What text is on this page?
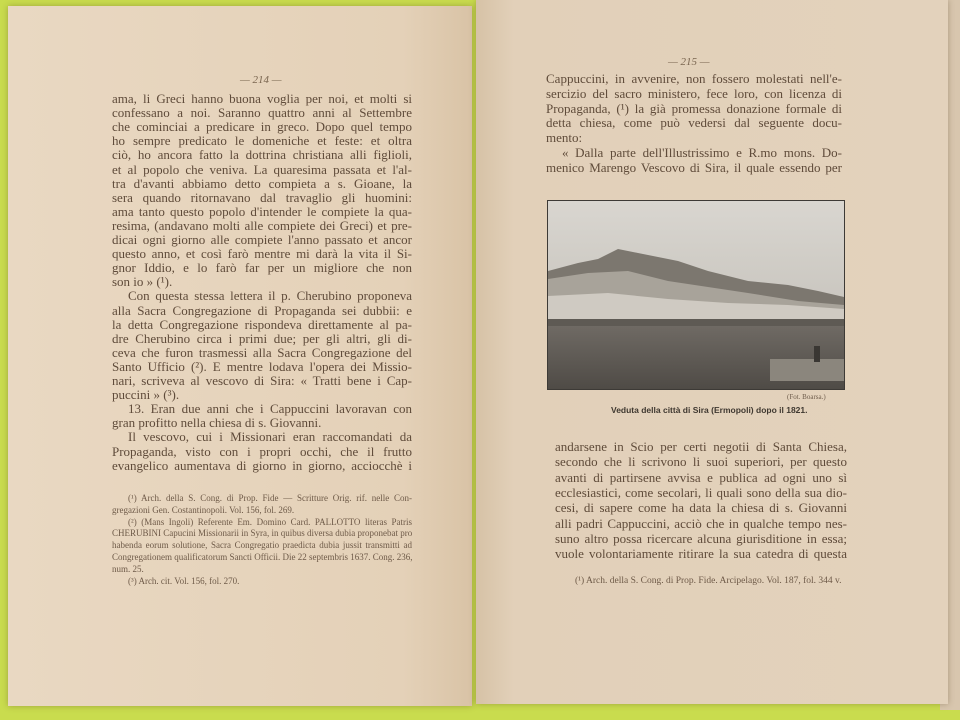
— 214 —
ama, li Greci hanno buona voglia per noi, et molti si
confessano a noi. Saranno quattro anni al Settembre
che cominciai a predicare in greco. Dopo quel tempo
ho sempre predicato le domeniche et feste: et oltra
ciò, ho ancora fatto la dottrina christiana alli figlioli,
et al popolo che veniva. La quaresima passata et l'al-
tra d'avanti abbiamo detto compieta a s. Gioane, la
sera quando ritornavano dal travaglio gli huomini:
ama tanto questo popolo d'intender le compiete la qua-
resima, (andavano molti alle compiete dei Greci) et pre-
dicai ogni giorno alle compiete l'anno passato et ancor
questo anno, et così farò mentre mi darà la vita il Si-
gnor Iddio, e lo farò far per un migliore che non
son io » (¹).
Con questa stessa lettera il p. Cherubino proponeva
alla Sacra Congregazione di Propaganda sei dubbii: e
la detta Congregazione rispondeva direttamente al pa-
dre Cherubino circa i primi due; per gli altri, gli di-
ceva che furon trasmessi alla Sacra Congregazione del
Santo Ufficio (²). E mentre lodava l'opera dei Missio-
nari, scriveva al vescovo di Sira: « Tratti bene i Cap-
puccini » (³).
13. Eran due anni che i Cappuccini lavoravan con
gran profitto nella chiesa di s. Giovanni.
Il vescovo, cui i Missionari eran raccomandati da
Propaganda, visto con i propri occhi, che il frutto
evangelico aumentava di giorno in giorno, acciocchè i
(¹) Arch. della S. Cong. di Prop. Fide — Scritture Orig. rif. nelle Con-
gregazioni Gen. Costantinopoli. Vol. 156, fol. 269.
(²) (Mans Ingoli) Referente Em. Domino Card. PALLOTTO literas Patris
CHERUBINI Capucini Missionarii in Syra, in quibus diversa dubia proponebat pro
habenda eorum solutione, Sacra Congregatio praedicta dubia jussit transmitti ad
Congregationem qualificatorum Sancti Officii. Die 22 septembris 1637. Cong. 236,
num. 25.
(³) Arch. cit. Vol. 156, fol. 270.
— 215 —
Cappuccini, in avvenire, non fossero molestati nell'e-
sercizio del sacro ministero, fece loro, con licenza di
Propaganda, (¹) la già promessa donazione formale di
detta chiesa, come può vedersi dal seguente docu-
mento:
« Dalla parte dell'Illustrissimo e R.mo mons. Do-
menico Marengo Vescovo di Sira, il quale essendo per
(Fot. Boarsa.)
Veduta della città di Sira (Ermopoli) dopo il 1821.
andarsene in Scio per certi negotii di Santa Chiesa,
secondo che li scrivono li suoi superiori, per questo
avanti di partirsene avvisa e publica ad ogni uno sì
ecclesiastici, come secolari, li quali sono della sua dio-
cesi, di sapere come ha data la chiesa di s. Giovanni
alli padri Cappuccini, acciò che in qualche tempo nes-
suno altro possa ricercare alcuna giurisditione in essa;
vuole volontariamente ritirare la sua catedra di questa
(¹) Arch. della S. Cong. di Prop. Fide. Arcipelago. Vol. 187, fol. 344 v.
